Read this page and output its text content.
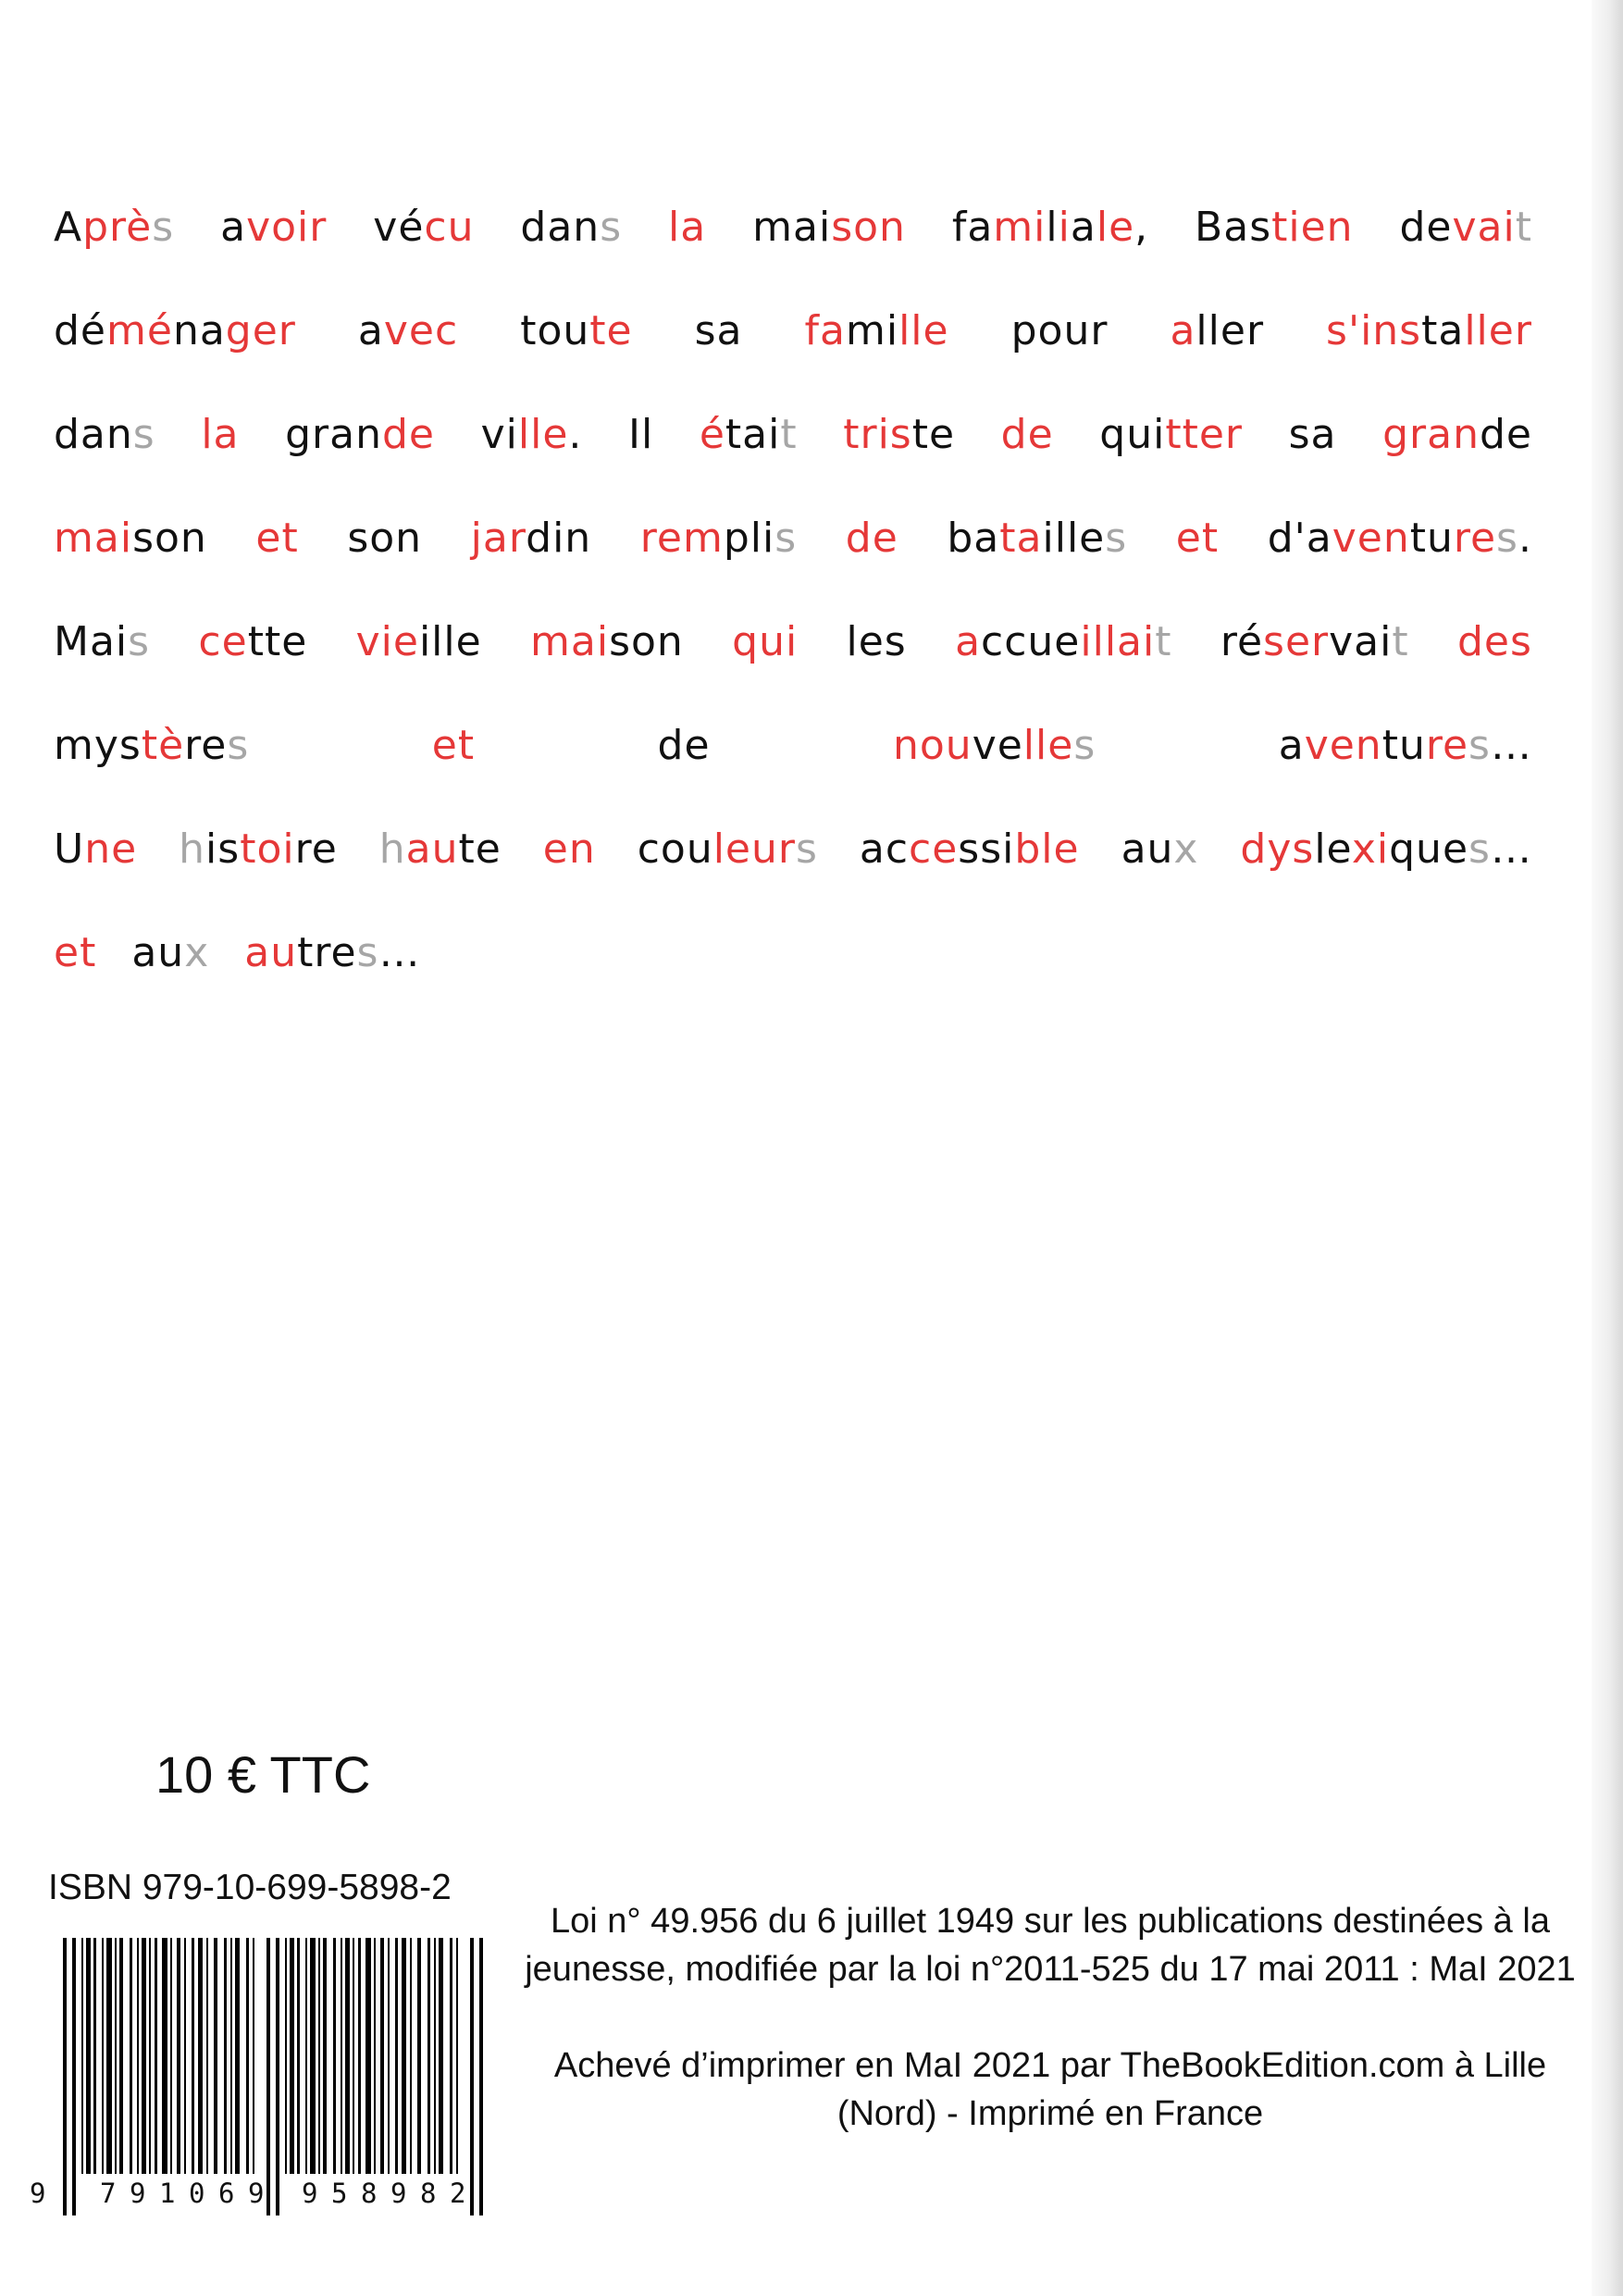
Après avoir vécu dans la maison familiale, Bastien devait
déménager avec toute sa famille pour aller s'installer
dans la grande ville. Il était triste de quitter sa grande
maison et son jardin remplis de batailles et d'aventures.
Mais cette vieille maison qui les accueillait réservait des
mystères	et	de	nouvelles	aventures…
Une histoire haute en couleurs accessible aux dyslexiques…
et aux autres…
10 € TTC
ISBN 979-10-699-5898-2
9 7 9 1 0 6 9 9 5 8 9 8 2
Loi n° 49.956 du 6 juillet 1949 sur les publications destinées à la jeunesse, modifiée par la loi n°2011-525 du 17 mai 2011 : MaI 2021
Achevé d’imprimer en MaI 2021 par TheBookEdition.com à Lille (Nord) - Imprimé en France
